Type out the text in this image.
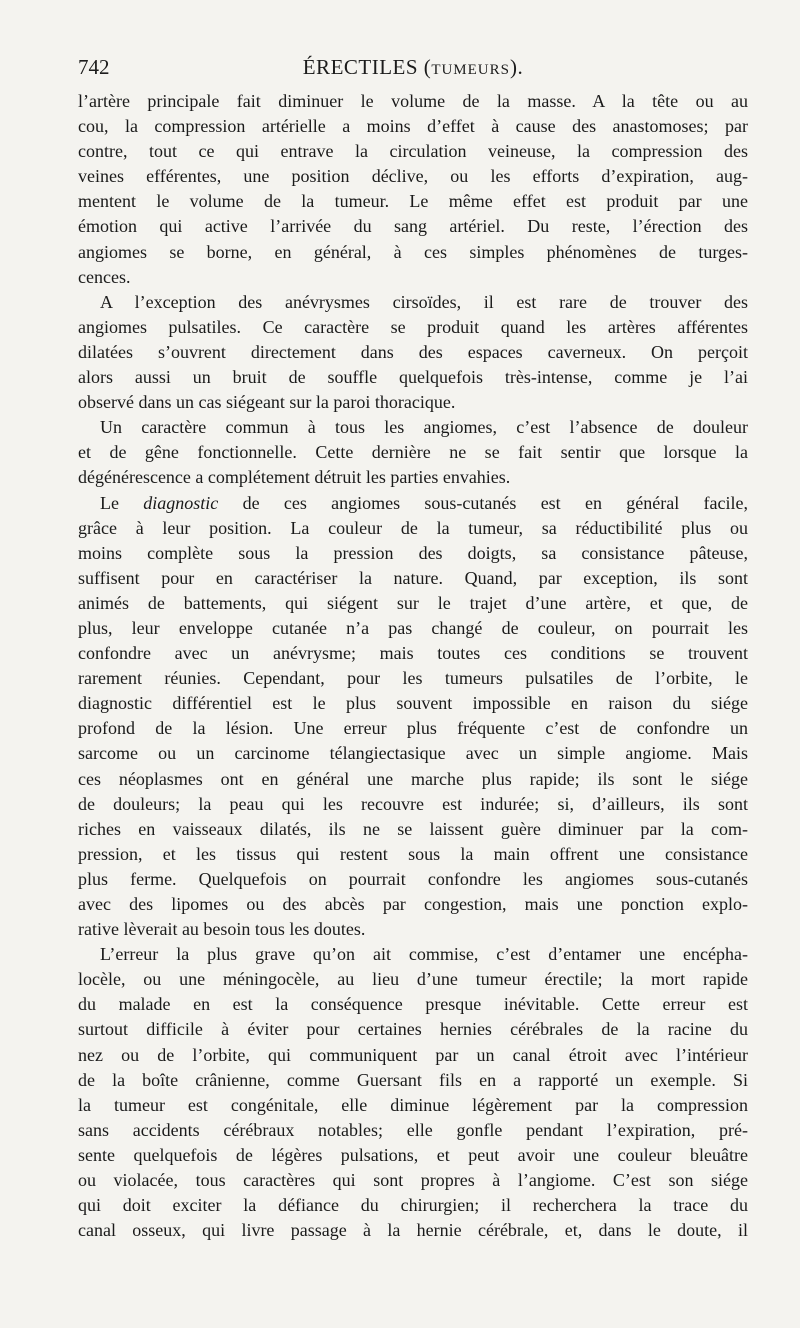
742	ÉRECTILES (TUMEURS).

l’artère principale fait diminuer le volume de la masse. A la tête ou au
cou, la compression artérielle a moins d’effet à cause des anastomoses; par
contre, tout ce qui entrave la circulation veineuse, la compression des
veines efférentes, une position déclive, ou les efforts d’expiration, aug-
mentent le volume de la tumeur. Le même effet est produit par une
émotion qui active l’arrivée du sang artériel. Du reste, l’érection des
angiomes se borne, en général, à ces simples phénomènes de turges-
cences.

A l’exception des anévrysmes cirsoïdes, il est rare de trouver des
angiomes pulsatiles. Ce caractère se produit quand les artères afférentes
dilatées s’ouvrent directement dans des espaces caverneux. On perçoit
alors aussi un bruit de souffle quelquefois très-intense, comme je l’ai
observé dans un cas siégeant sur la paroi thoracique.

Un caractère commun à tous les angiomes, c’est l’absence de douleur
et de gêne fonctionnelle. Cette dernière ne se fait sentir que lorsque la
dégénérescence a complétement détruit les parties envahies.

Le diagnostic de ces angiomes sous-cutanés est en général facile,
grâce à leur position. La couleur de la tumeur, sa réductibilité plus ou
moins complète sous la pression des doigts, sa consistance pâteuse,
suffisent pour en caractériser la nature. Quand, par exception, ils sont
animés de battements, qui siégent sur le trajet d’une artère, et que, de
plus, leur enveloppe cutanée n’a pas changé de couleur, on pourrait les
confondre avec un anévrysme; mais toutes ces conditions se trouvent
rarement réunies. Cependant, pour les tumeurs pulsatiles de l’orbite, le
diagnostic différentiel est le plus souvent impossible en raison du siége
profond de la lésion. Une erreur plus fréquente c’est de confondre un
sarcome ou un carcinome télangiectasique avec un simple angiome. Mais
ces néoplasmes ont en général une marche plus rapide; ils sont le siége
de douleurs; la peau qui les recouvre est indurée; si, d’ailleurs, ils sont
riches en vaisseaux dilatés, ils ne se laissent guère diminuer par la com-
pression, et les tissus qui restent sous la main offrent une consistance
plus ferme. Quelquefois on pourrait confondre les angiomes sous-cutanés
avec des lipomes ou des abcès par congestion, mais une ponction explo-
rative lèverait au besoin tous les doutes.

L’erreur la plus grave qu’on ait commise, c’est d’entamer une encépha-
locèle, ou une méningocèle, au lieu d’une tumeur érectile; la mort rapide
du malade en est la conséquence presque inévitable. Cette erreur est
surtout difficile à éviter pour certaines hernies cérébrales de la racine du
nez ou de l’orbite, qui communiquent par un canal étroit avec l’intérieur
de la boîte crânienne, comme Guersant fils en a rapporté un exemple. Si
la tumeur est congénitale, elle diminue légèrement par la compression
sans accidents cérébraux notables; elle gonfle pendant l’expiration, pré-
sente quelquefois de légères pulsations, et peut avoir une couleur bleuâtre
ou violacée, tous caractères qui sont propres à l’angiome. C’est son siége
qui doit exciter la défiance du chirurgien; il recherchera la trace du
canal osseux, qui livre passage à la hernie cérébrale, et, dans le doute, il
